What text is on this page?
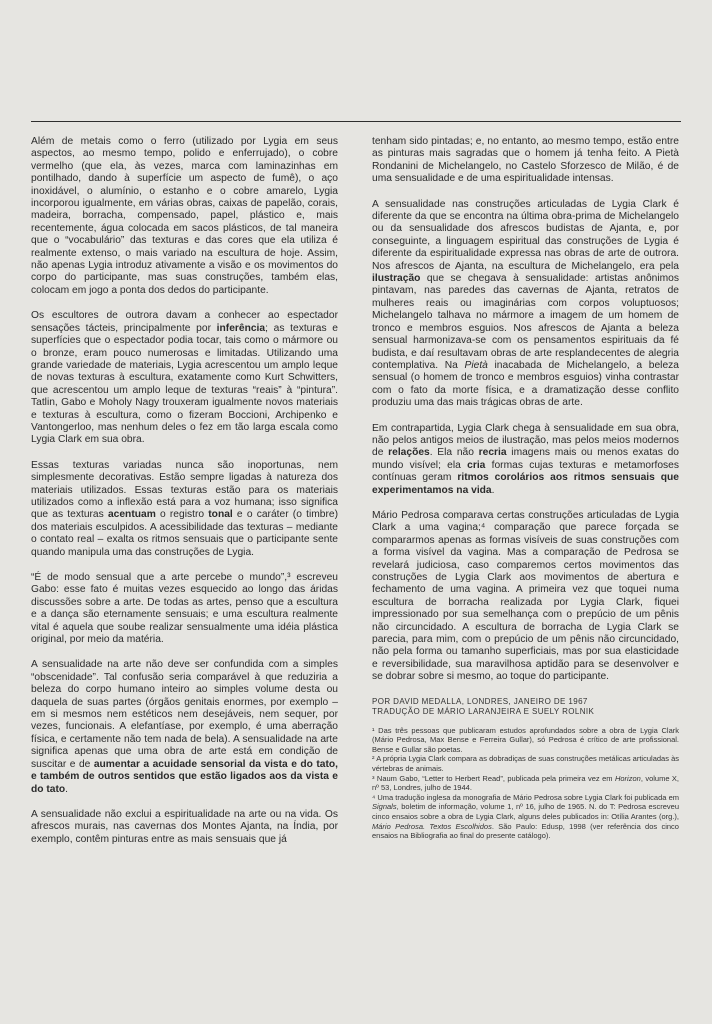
Além de metais como o ferro (utilizado por Lygia em seus aspectos, ao mesmo tempo, polido e enferrujado), o cobre vermelho (que ela, às vezes, marca com laminazinhas em pontilhado, dando à superfície um aspecto de fumê), o aço inoxidável, o alumínio, o estanho e o cobre amarelo, Lygia incorporou igualmente, em várias obras, caixas de papelão, corais, madeira, borracha, compensado, papel, plástico e, mais recentemente, água colocada em sacos plásticos, de tal maneira que o “vocabulário” das texturas e das cores que ela utiliza é realmente extenso, o mais variado na escultura de hoje. Assim, não apenas Lygia introduz ativamente a visão e os movimentos do corpo do participante, mas suas construções, também elas, colocam em jogo a ponta dos dedos do participante.

Os escultores de outrora davam a conhecer ao espectador sensações tácteis, principalmente por inferência; as texturas e superfícies que o espectador podia tocar, tais como o mármore ou o bronze, eram pouco numerosas e limitadas. Utilizando uma grande variedade de materiais, Lygia acrescentou um amplo leque de novas texturas à escultura, exatamente como Kurt Schwitters, que acrescentou um amplo leque de texturas “reais” à “pintura”. Tatlin, Gabo e Moholy Nagy trouxeram igualmente novos materiais e texturas à escultura, como o fizeram Boccioni, Archipenko e Vantongerloo, mas nenhum deles o fez em tão larga escala como Lygia Clark em sua obra.

Essas texturas variadas nunca são inoportunas, nem simplesmente decorativas. Estão sempre ligadas à natureza dos materiais utilizados. Essas texturas estão para os materiais utilizados como a inflexão está para a voz humana; isso significa que as texturas acentuam o registro tonal e o caráter (o timbre) dos materiais esculpidos. A acessibilidade das texturas – mediante o contato real – exalta os ritmos sensuais que o participante sente quando manipula uma das construções de Lygia.

“É de modo sensual que a arte percebe o mundo”,³ escreveu Gabo: esse fato é muitas vezes esquecido ao longo das áridas discussões sobre a arte. De todas as artes, penso que a escultura e a dança são eternamente sensuais; e uma escultura realmente vital é aquela que soube realizar sensualmente uma idéia plástica original, por meio da matéria.

A sensualidade na arte não deve ser confundida com a simples “obscenidade”. Tal confusão seria comparável à que reduziria a beleza do corpo humano inteiro ao simples volume desta ou daquela de suas partes (órgãos genitais enormes, por exemplo – em si mesmos nem estéticos nem desejáveis, nem sequer, por vezes, funcionais. A elefantíase, por exemplo, é uma aberração física, e certamente não tem nada de bela). A sensualidade na arte significa apenas que uma obra de arte está em condição de suscitar e de aumentar a acuidade sensorial da vista e do tato, e também de outros sentidos que estão ligados aos da vista e do tato.

A sensualidade não exclui a espiritualidade na arte ou na vida. Os afrescos murais, nas cavernas dos Montes Ajanta, na Índia, por exemplo, contêm pinturas entre as mais sensuais que já

tenham sido pintadas; e, no entanto, ao mesmo tempo, estão entre as pinturas mais sagradas que o homem já tenha feito. A Pietà Rondanini de Michelangelo, no Castelo Sforzesco de Milão, é de uma sensualidade e de uma espiritualidade intensas.

A sensualidade nas construções articuladas de Lygia Clark é diferente da que se encontra na última obra-prima de Michelangelo ou da sensualidade dos afrescos budistas de Ajanta, e, por conseguinte, a linguagem espiritual das construções de Lygia é diferente da espiritualidade expressa nas obras de arte de outrora. Nos afrescos de Ajanta, na escultura de Michelangelo, era pela ilustração que se chegava à sensualidade: artistas anônimos pintavam, nas paredes das cavernas de Ajanta, retratos de mulheres reais ou imaginárias com corpos voluptuosos; Michelangelo talhava no mármore a imagem de um homem de tronco e membros esguios. Nos afrescos de Ajanta a beleza sensual harmonizava-se com os pensamentos espirituais da fé budista, e daí resultavam obras de arte resplandecentes de alegria contemplativa. Na Pietà inacabada de Michelangelo, a beleza sensual (o homem de tronco e membros esguios) vinha contrastar com o fato da morte física, e a dramatização desse conflito produziu uma das mais trágicas obras de arte.

Em contrapartida, Lygia Clark chega à sensualidade em sua obra, não pelos antigos meios de ilustração, mas pelos meios modernos de relações. Ela não recria imagens mais ou menos exatas do mundo visível; ela cria formas cujas texturas e metamorfoses contínuas geram ritmos corolários aos ritmos sensuais que experimentamos na vida.

Mário Pedrosa comparava certas construções articuladas de Lygia Clark a uma vagina;⁴ comparação que parece forçada se compararmos apenas as formas visíveis de suas construções com a forma visível da vagina. Mas a comparação de Pedrosa se revelará judiciosa, caso comparemos certos movimentos das construções de Lygia Clark aos movimentos de abertura e fechamento de uma vagina. A primeira vez que toquei numa escultura de borracha realizada por Lygia Clark, fiquei impressionado por sua semelhança com o prepúcio de um pênis não circuncidado. A escultura de borracha de Lygia Clark se parecia, para mim, com o prepúcio de um pênis não circuncidado, não pela forma ou tamanho superficiais, mas por sua elasticidade e reversibilidade, sua maravilhosa aptidão para se desenvolver e se dobrar sobre si mesmo, ao toque do participante.

POR DAVID MEDALLA, LONDRES, JANEIRO DE 1967

TRADUÇÃO DE MÁRIO LARANJEIRA E SUELY ROLNIK

¹ Das três pessoas que publicaram estudos aprofundados sobre a obra de Lygia Clark (Mário Pedrosa, Max Bense e Ferreira Gullar), só Pedrosa é crítico de arte profissional. Bense e Gullar são poetas.

² A própria Lygia Clark compara as dobradiças de suas construções metálicas articuladas às vértebras de animais.

³ Naum Gabo, “Letter to Herbert Read”, publicada pela primeira vez em Horizon, volume X, nº 53, Londres, julho de 1944.

⁴ Uma tradução inglesa da monografia de Mário Pedrosa sobre Lygia Clark foi publicada em Signals, boletim de informação, volume 1, nº 16, julho de 1965. N. do T: Pedrosa escreveu cinco ensaios sobre a obra de Lygia Clark, alguns deles publicados in: Otília Arantes (org.), Mário Pedrosa. Textos Escolhidos. São Paulo: Edusp, 1998 (ver referência dos cinco ensaios na Bibliografia ao final do presente catálogo).
